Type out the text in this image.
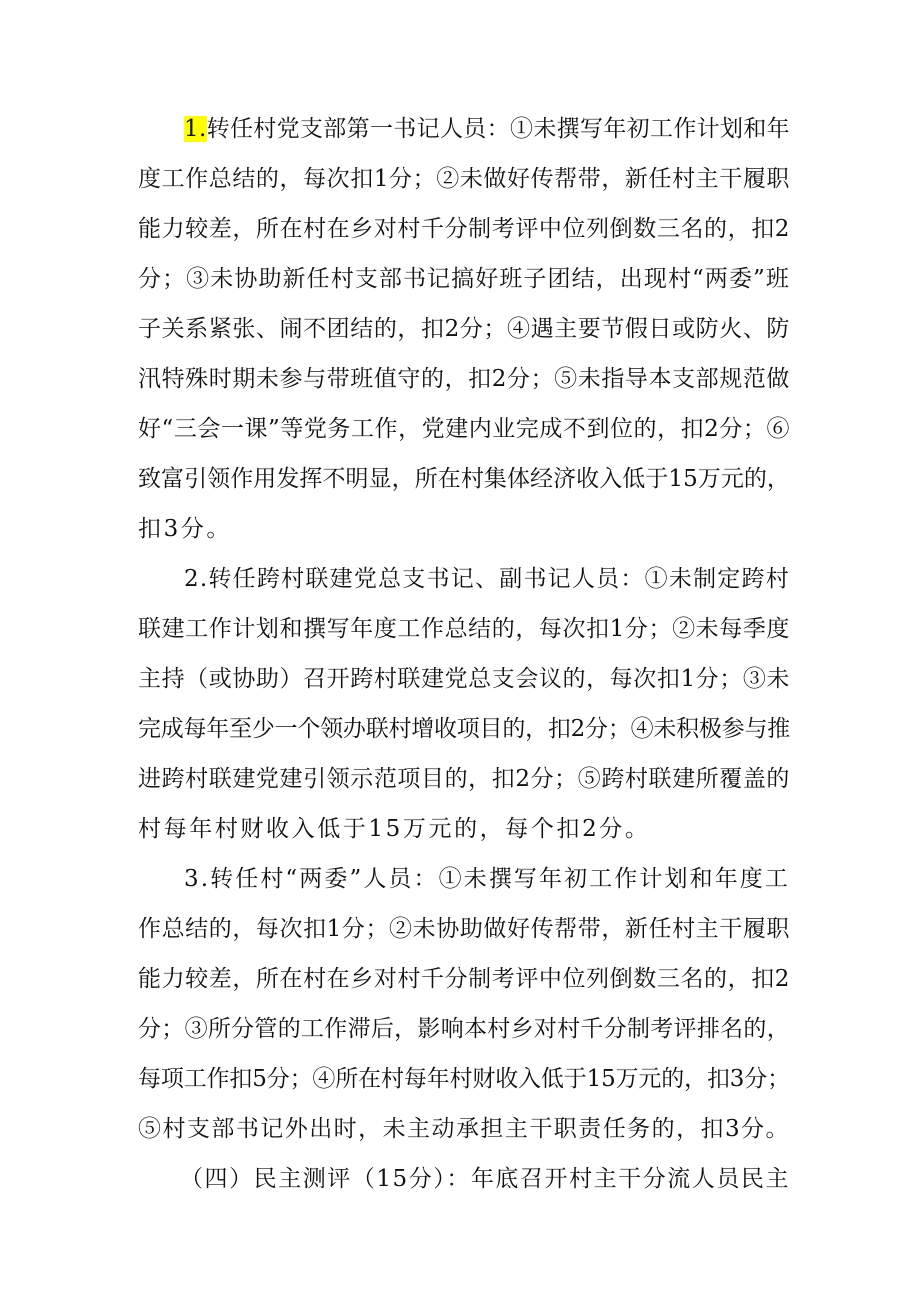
1.转任村党支部第一书记人员：①未撰写年初工作计划和年
度工作总结的，每次扣1分；②未做好传帮带，新任村主干履职
能力较差，所在村在乡对村千分制考评中位列倒数三名的，扣2
分；③未协助新任村支部书记搞好班子团结，出现村“两委”班
子关系紧张、闹不团结的，扣2分；④遇主要节假日或防火、防
汛特殊时期未参与带班值守的，扣2分；⑤未指导本支部规范做
好“三会一课”等党务工作，党建内业完成不到位的，扣2分；⑥
致富引领作用发挥不明显，所在村集体经济收入低于15万元的，
扣3分。
2.转任跨村联建党总支书记、副书记人员：①未制定跨村
联建工作计划和撰写年度工作总结的，每次扣1分；②未每季度
主持（或协助）召开跨村联建党总支会议的，每次扣1分；③未
完成每年至少一个领办联村增收项目的，扣2分；④未积极参与推
进跨村联建党建引领示范项目的，扣2分；⑤跨村联建所覆盖的
村每年村财收入低于15万元的，每个扣2分。
3.转任村“两委”人员：①未撰写年初工作计划和年度工
作总结的，每次扣1分；②未协助做好传帮带，新任村主干履职
能力较差，所在村在乡对村千分制考评中位列倒数三名的，扣2
分；③所分管的工作滞后，影响本村乡对村千分制考评排名的，
每项工作扣5分；④所在村每年村财收入低于15万元的，扣3分；
⑤村支部书记外出时，未主动承担主干职责任务的，扣3分。
（四）民主测评（15分）：年底召开村主干分流人员民主
